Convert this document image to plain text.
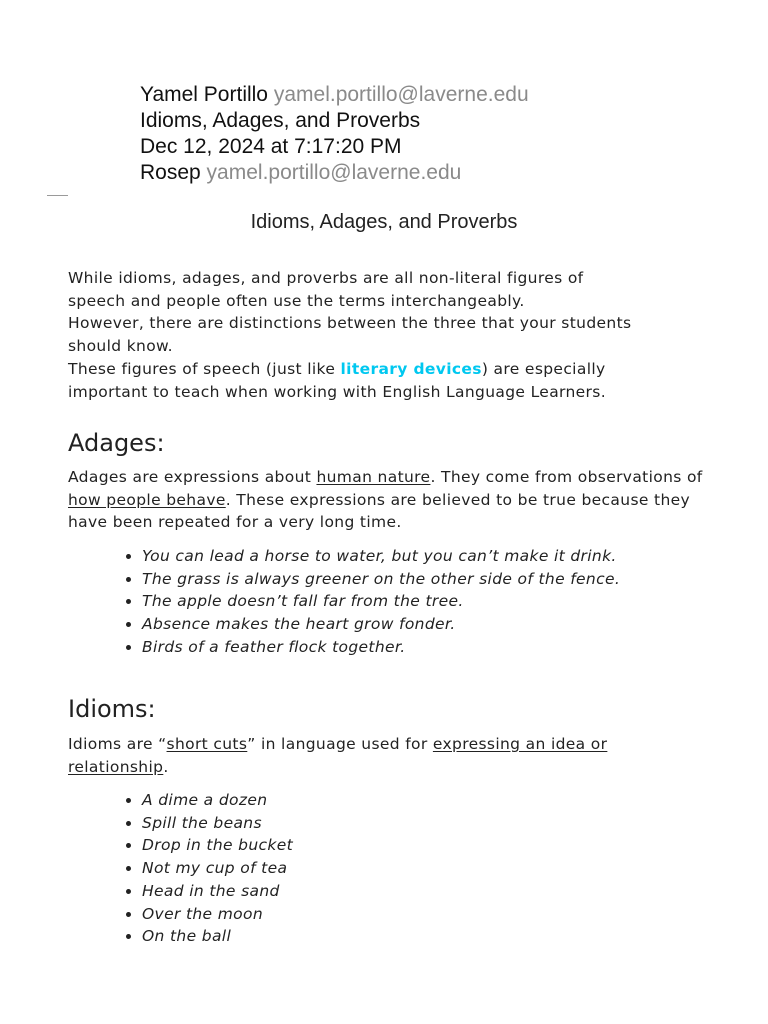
Yamel Portillo yamel.portillo@laverne.edu
Idioms, Adages, and Proverbs
Dec 12, 2024 at 7:17:20 PM
Rosep yamel.portillo@laverne.edu
Idioms, Adages, and Proverbs

While idioms, adages, and proverbs are all non-literal figures of
speech and people often use the terms interchangeably.
However, there are distinctions between the three that your students
should know.
These figures of speech (just like literary devices) are especially
important to teach when working with English Language Learners.

Adages:

Adages are expressions about human nature. They come from observations of how people behave. These expressions are believed to be true because they have been repeated for a very long time.

• You can lead a horse to water, but you can’t make it drink.
• The grass is always greener on the other side of the fence.
• The apple doesn’t fall far from the tree.
• Absence makes the heart grow fonder.
• Birds of a feather flock together.
Idioms:

Idioms are “short cuts” in language used for expressing an idea or relationship.

• A dime a dozen
• Spill the beans
• Drop in the bucket
• Not my cup of tea
• Head in the sand
• Over the moon
• On the ball
